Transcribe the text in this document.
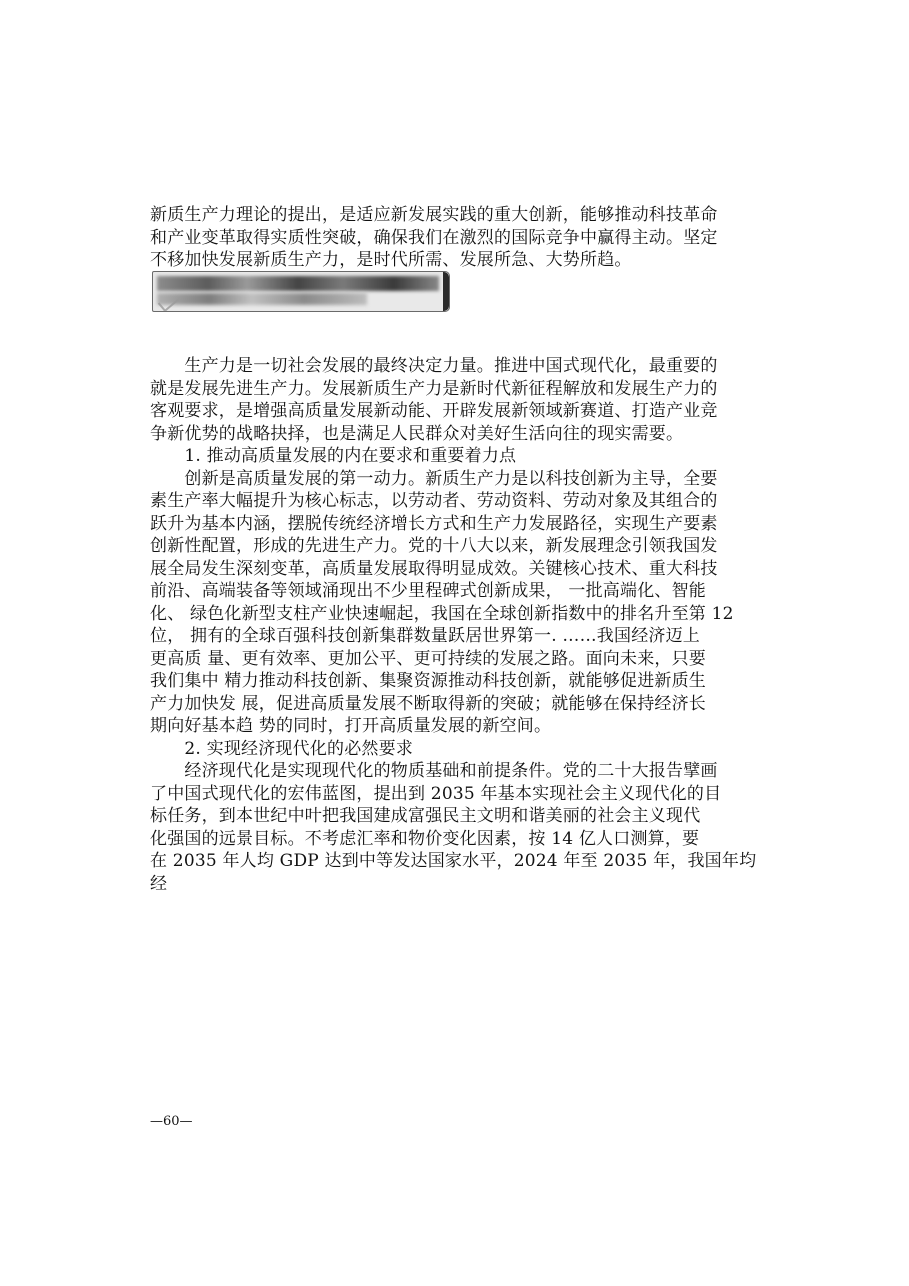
新质生产力理论的提出，是适应新发展实践的重大创新，能够推动科技革命
和产业变革取得实质性突破，确保我们在激烈的国际竞争中赢得主动。坚定
不移加快发展新质生产力，是时代所需、发展所急、大势所趋。
　　生产力是一切社会发展的最终决定力量。推进中国式现代化，最重要的
就是发展先进生产力。发展新质生产力是新时代新征程解放和发展生产力的
客观要求，是增强高质量发展新动能、开辟发展新领域新赛道、打造产业竞
争新优势的战略抉择，也是满足人民群众对美好生活向往的现实需要。
　　1. 推动高质量发展的内在要求和重要着力点
　　创新是高质量发展的第一动力。新质生产力是以科技创新为主导，全要
素生产率大幅提升为核心标志，以劳动者、劳动资料、劳动对象及其组合的
跃升为基本内涵，摆脱传统经济增长方式和生产力发展路径，实现生产要素
创新性配置，形成的先进生产力。党的十八大以来，新发展理念引领我国发
展全局发生深刻变革，高质量发展取得明显成效。关键核心技术、重大科技
前沿、高端装备等领域涌现出不少里程碑式创新成果， 一批高端化、智能
化、 绿色化新型支柱产业快速崛起，我国在全球创新指数中的排名升至第 12
位， 拥有的全球百强科技创新集群数量跃居世界第一. ……我国经济迈上
更高质 量、更有效率、更加公平、更可持续的发展之路。面向未来，只要
我们集中 精力推动科技创新、集聚资源推动科技创新，就能够促进新质生
产力加快发 展，促进高质量发展不断取得新的突破；就能够在保持经济长
期向好基本趋 势的同时，打开高质量发展的新空间。
　　2. 实现经济现代化的必然要求
　　经济现代化是实现现代化的物质基础和前提条件。党的二十大报告擘画
了中国式现代化的宏伟蓝图，提出到 2035 年基本实现社会主义现代化的目
标任务，到本世纪中叶把我国建成富强民主文明和谐美丽的社会主义现代
化强国的远景目标。不考虑汇率和物价变化因素，按 14 亿人口测算，要
在 2035 年人均 GDP 达到中等发达国家水平，2024 年至 2035 年，我国年均
经
—60—
